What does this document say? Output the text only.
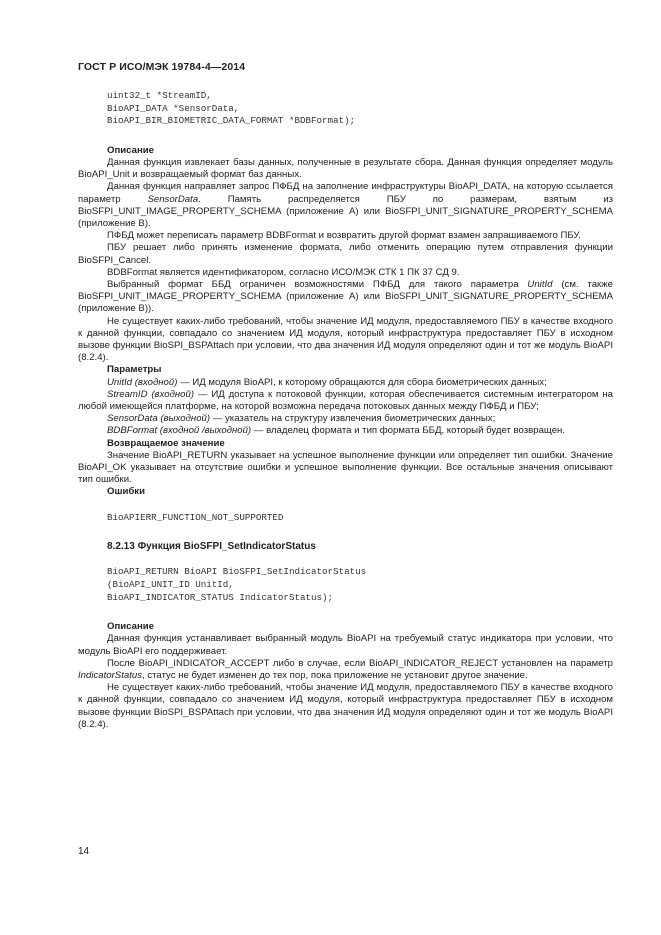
ГОСТ Р ИСО/МЭК 19784-4—2014
uint32_t *StreamID,
BioAPI_DATA *SensorData,
BioAPI_BIR_BIOMETRIC_DATA_FORMAT *BDBFormat);

Описание

Данная функция извлекает базы данных, полученные в результате сбора. Данная функция определяет модуль BioAPI_Unit и возвращаемый формат баз данных.

Данная функция направляет запрос ПФБД на заполнение инфраструктуры BioAPI_DATA, на которую ссылается параметр SensorData. Память распределяется ПБУ по размерам, взятым из BioSFPI_UNIT_IMAGE_PROPERTY_SCHEMA (приложение А) или BioSFPI_UNIT_SIGNATURE_PROPERTY_SCHEMA (приложение В).

ПФБД может переписать параметр BDBFormat и возвратить другой формат взамен запрашиваемого ПБУ.

ПБУ решает либо принять изменение формата, либо отменить операцию путем отправления функции BioSFPI_Cancel.

BDBFormat является идентификатором, согласно ИСО/МЭК СТК 1 ПК 37 СД 9.

Выбранный формат ББД ограничен возможностями ПФБД для такого параметра UnitId (см. также BioSFPI_UNIT_IMAGE_PROPERTY_SCHEMA (приложение А) или BioSFPI_UNIT_SIGNATURE_PROPERTY_SCHEMA (приложение В)).

Не существует каких-либо требований, чтобы значение ИД модуля, предоставляемого ПБУ в качестве входного к данной функции, совпадало со значением ИД модуля, который инфраструктура предоставляет ПБУ в исходном вызове функции BioSPI_BSPAttach при условии, что два значения ИД модуля определяют один и тот же модуль BioAPI (8.2.4).

Параметры

UnitId (входной) — ИД модуля BioAPI, к которому обращаются для сбора биометрических данных;

StreamID (входной) — ИД доступа к потоковой функции, которая обеспечивается системным интегратором на любой имеющейся платформе, на которой возможна передача потоковых данных между ПФБД и ПБУ;

SensorData (выходной) — указатель на структуру извлечения биометрических данных;

BDBFormat (входной /выходной) — владелец формата и тип формата ББД, который будет возвращен.

Возвращаемое значение

Значение BioAPI_RETURN указывает на успешное выполнение функции или определяет тип ошибки. Значение BioAPI_OK указывает на отсутствие ошибки и успешное выполнение функции. Все остальные значения описывают тип ошибки.

Ошибки

BioAPIERR_FUNCTION_NOT_SUPPORTED

8.2.13 Функция BioSFPI_SetIndicatorStatus

BioAPI_RETURN BioAPI BioSFPI_SetIndicatorStatus
(BioAPI_UNIT_ID UnitId,
BioAPI_INDICATOR_STATUS IndicatorStatus);

Описание

Данная функция устанавливает выбранный модуль BioAPI на требуемый статус индикатора при условии, что модуль BioAPI его поддерживает.

После BioAPI_INDICATOR_ACCEPT либо в случае, если BioAPI_INDICATOR_REJECT установлен на параметр IndicatorStatus, статус не будет изменен до тех пор, пока приложение не установит другое значение.

Не существует каких-либо требований, чтобы значение ИД модуля, предоставляемого ПБУ в качестве входного к данной функции, совпадало со значением ИД модуля, который инфраструктура предоставляет ПБУ в исходном вызове функции BioSPI_BSPAttach при условии, что два значения ИД модуля определяют один и тот же модуль BioAPI (8.2.4).

14
